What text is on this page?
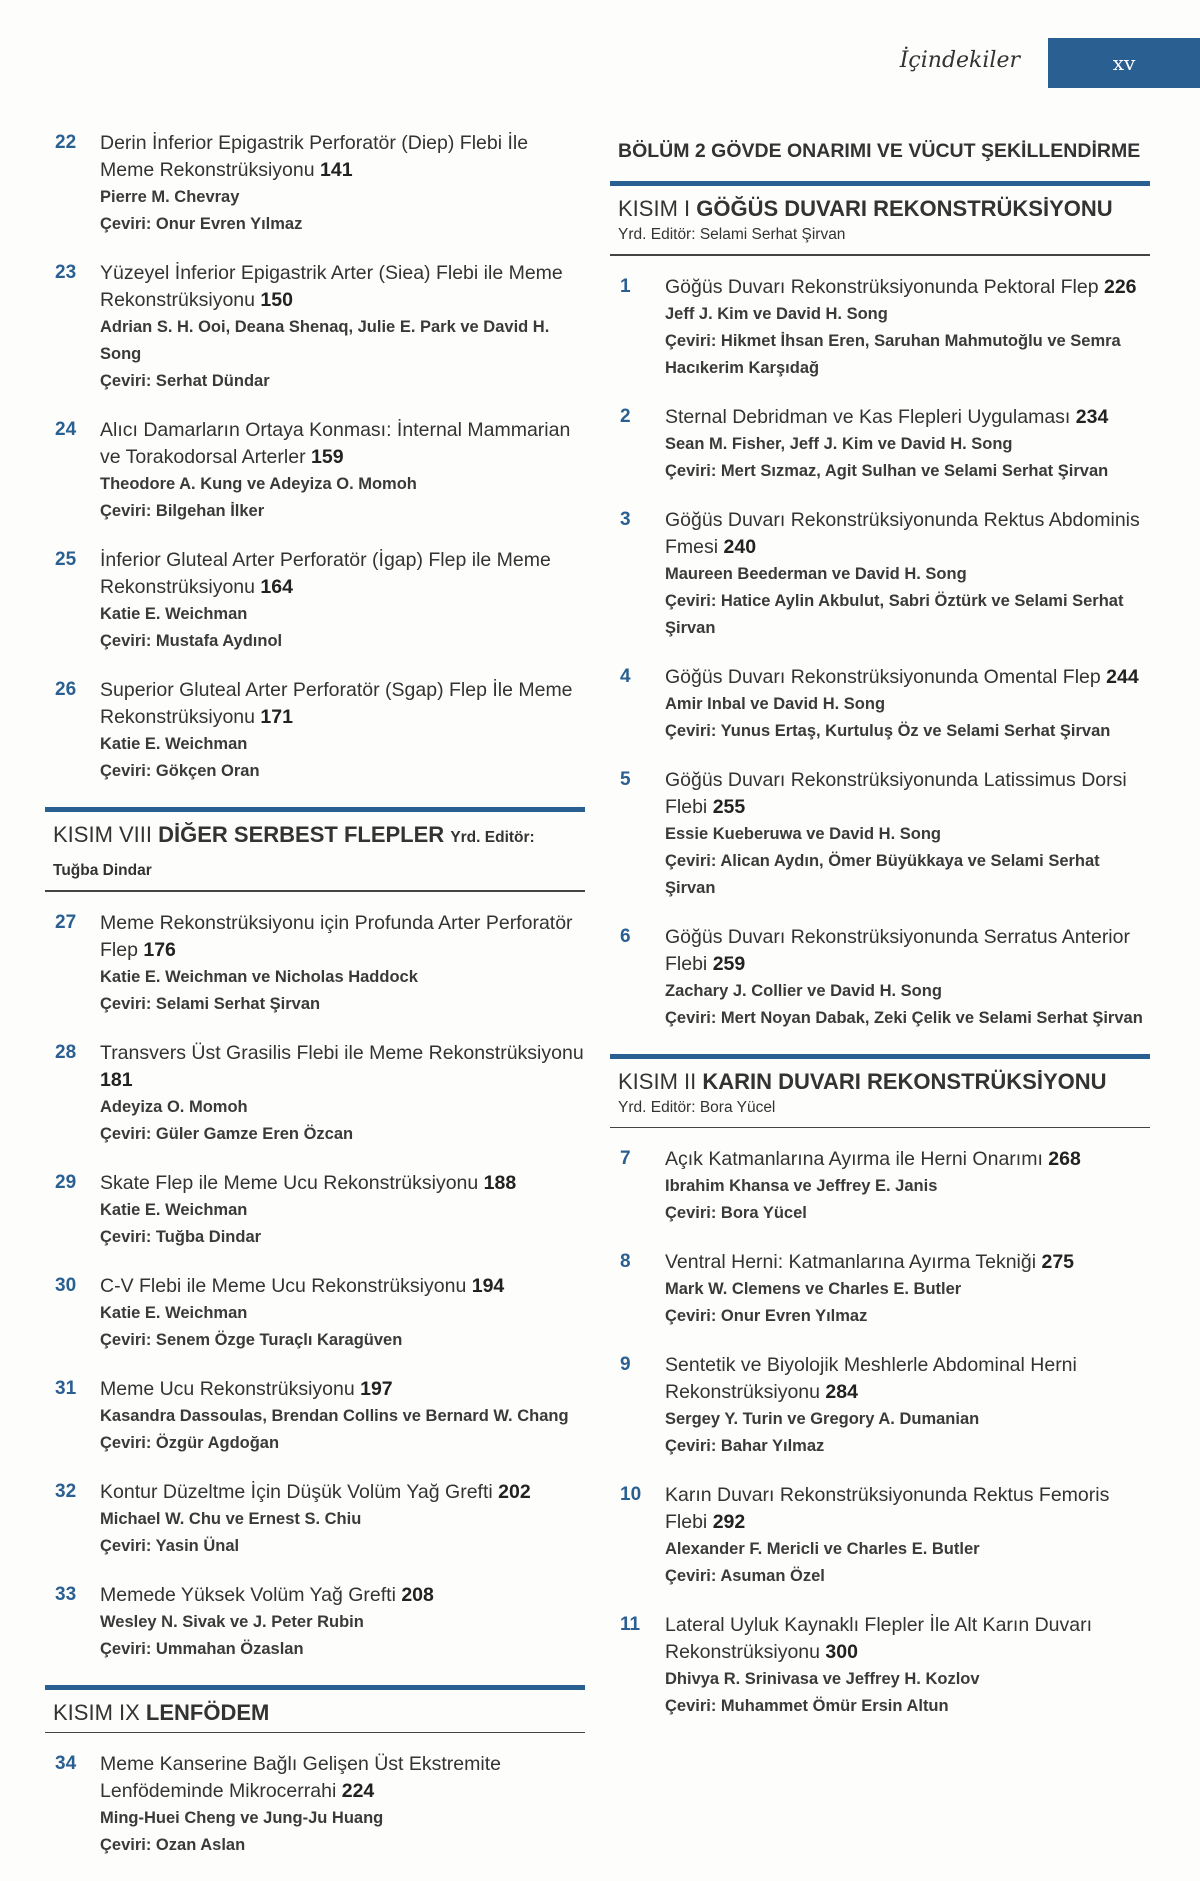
İçindekiler	xv
22 Derin İnferior Epigastrik Perforatör (Diep) Flebi İle Meme Rekonstrüksiyonu 141
Pierre M. Chevray
Çeviri: Onur Evren Yılmaz
23 Yüzeyel İnferior Epigastrik Arter (Siea) Flebi ile Meme Rekonstrüksiyonu 150
Adrian S. H. Ooi, Deana Shenaq, Julie E. Park ve David H. Song
Çeviri: Serhat Dündar
24 Alıcı Damarların Ortaya Konması: İnternal Mammarian ve Torakodorsal Arterler 159
Theodore A. Kung ve Adeyiza O. Momoh
Çeviri: Bilgehan İlker
25 İnferior Gluteal Arter Perforatör (İgap) Flep ile Meme Rekonstrüksiyonu 164
Katie E. Weichman
Çeviri: Mustafa Aydınol
26 Superior Gluteal Arter Perforatör (Sgap) Flep İle Meme Rekonstrüksiyonu 171
Katie E. Weichman
Çeviri: Gökçen Oran
KISIM VIII DİĞER SERBEST FLEPLER Yrd. Editör: Tuğba Dindar
27 Meme Rekonstrüksiyonu için Profunda Arter Perforatör Flep 176
Katie E. Weichman ve Nicholas Haddock
Çeviri: Selami Serhat Şirvan
28 Transvers Üst Grasilis Flebi ile Meme Rekonstrüksiyonu 181
Adeyiza O. Momoh
Çeviri: Güler Gamze Eren Özcan
29 Skate Flep ile Meme Ucu Rekonstrüksiyonu 188
Katie E. Weichman
Çeviri: Tuğba Dindar
30 C-V Flebi ile Meme Ucu Rekonstrüksiyonu 194
Katie E. Weichman
Çeviri: Senem Özge Turaçlı Karagüven
31 Meme Ucu Rekonstrüksiyonu 197
Kasandra Dassoulas, Brendan Collins ve Bernard W. Chang
Çeviri: Özgür Agdoğan
32 Kontur Düzeltme İçin Düşük Volüm Yağ Grefti 202
Michael W. Chu ve Ernest S. Chiu
Çeviri: Yasin Ünal
33 Memede Yüksek Volüm Yağ Grefti 208
Wesley N. Sivak ve J. Peter Rubin
Çeviri: Ummahan Özaslan
KISIM IX LENFÖDEM
34 Meme Kanserine Bağlı Gelişen Üst Ekstremite Lenfödeminde Mikrocerrahi 224
Ming-Huei Cheng ve Jung-Ju Huang
Çeviri: Ozan Aslan
BÖLÜM 2 GÖVDE ONARIMI VE VÜCUT ŞEKİLLENDİRME
KISIM I GÖĞÜS DUVARI REKONSTRÜKSİYONU
Yrd. Editör: Selami Serhat Şirvan
1 Göğüs Duvarı Rekonstrüksiyonunda Pektoral Flep 226
Jeff J. Kim ve David H. Song
Çeviri: Hikmet İhsan Eren, Saruhan Mahmutoğlu ve Semra Hacıkerim Karşıdağ
2 Sternal Debridman ve Kas Flepleri Uygulaması 234
Sean M. Fisher, Jeff J. Kim ve David H. Song
Çeviri: Mert Sızmaz, Agit Sulhan ve Selami Serhat Şirvan
3 Göğüs Duvarı Rekonstrüksiyonunda Rektus Abdominis Fmesi 240
Maureen Beederman ve David H. Song
Çeviri: Hatice Aylin Akbulut, Sabri Öztürk ve Selami Serhat Şirvan
4 Göğüs Duvarı Rekonstrüksiyonunda Omental Flep 244
Amir Inbal ve David H. Song
Çeviri: Yunus Ertaş, Kurtuluş Öz ve Selami Serhat Şirvan
5 Göğüs Duvarı Rekonstrüksiyonunda Latissimus Dorsi Flebi 255
Essie Kueberuwa ve David H. Song
Çeviri: Alican Aydın, Ömer Büyükkaya ve Selami Serhat Şirvan
6 Göğüs Duvarı Rekonstrüksiyonunda Serratus Anterior Flebi 259
Zachary J. Collier ve David H. Song
Çeviri: Mert Noyan Dabak, Zeki Çelik ve Selami Serhat Şirvan
KISIM II KARIN DUVARI REKONSTRÜKSİYONU
Yrd. Editör: Bora Yücel
7 Açık Katmanlarına Ayırma ile Herni Onarımı 268
Ibrahim Khansa ve Jeffrey E. Janis
Çeviri: Bora Yücel
8 Ventral Herni: Katmanlarına Ayırma Tekniği 275
Mark W. Clemens ve Charles E. Butler
Çeviri: Onur Evren Yılmaz
9 Sentetik ve Biyolojik Meshlerle Abdominal Herni Rekonstrüksiyonu 284
Sergey Y. Turin ve Gregory A. Dumanian
Çeviri: Bahar Yılmaz
10 Karın Duvarı Rekonstrüksiyonunda Rektus Femoris Flebi 292
Alexander F. Mericli ve Charles E. Butler
Çeviri: Asuman Özel
11 Lateral Uyluk Kaynaklı Flepler İle Alt Karın Duvarı Rekonstrüksiyonu 300
Dhivya R. Srinivasa ve Jeffrey H. Kozlov
Çeviri: Muhammet Ömür Ersin Altun
